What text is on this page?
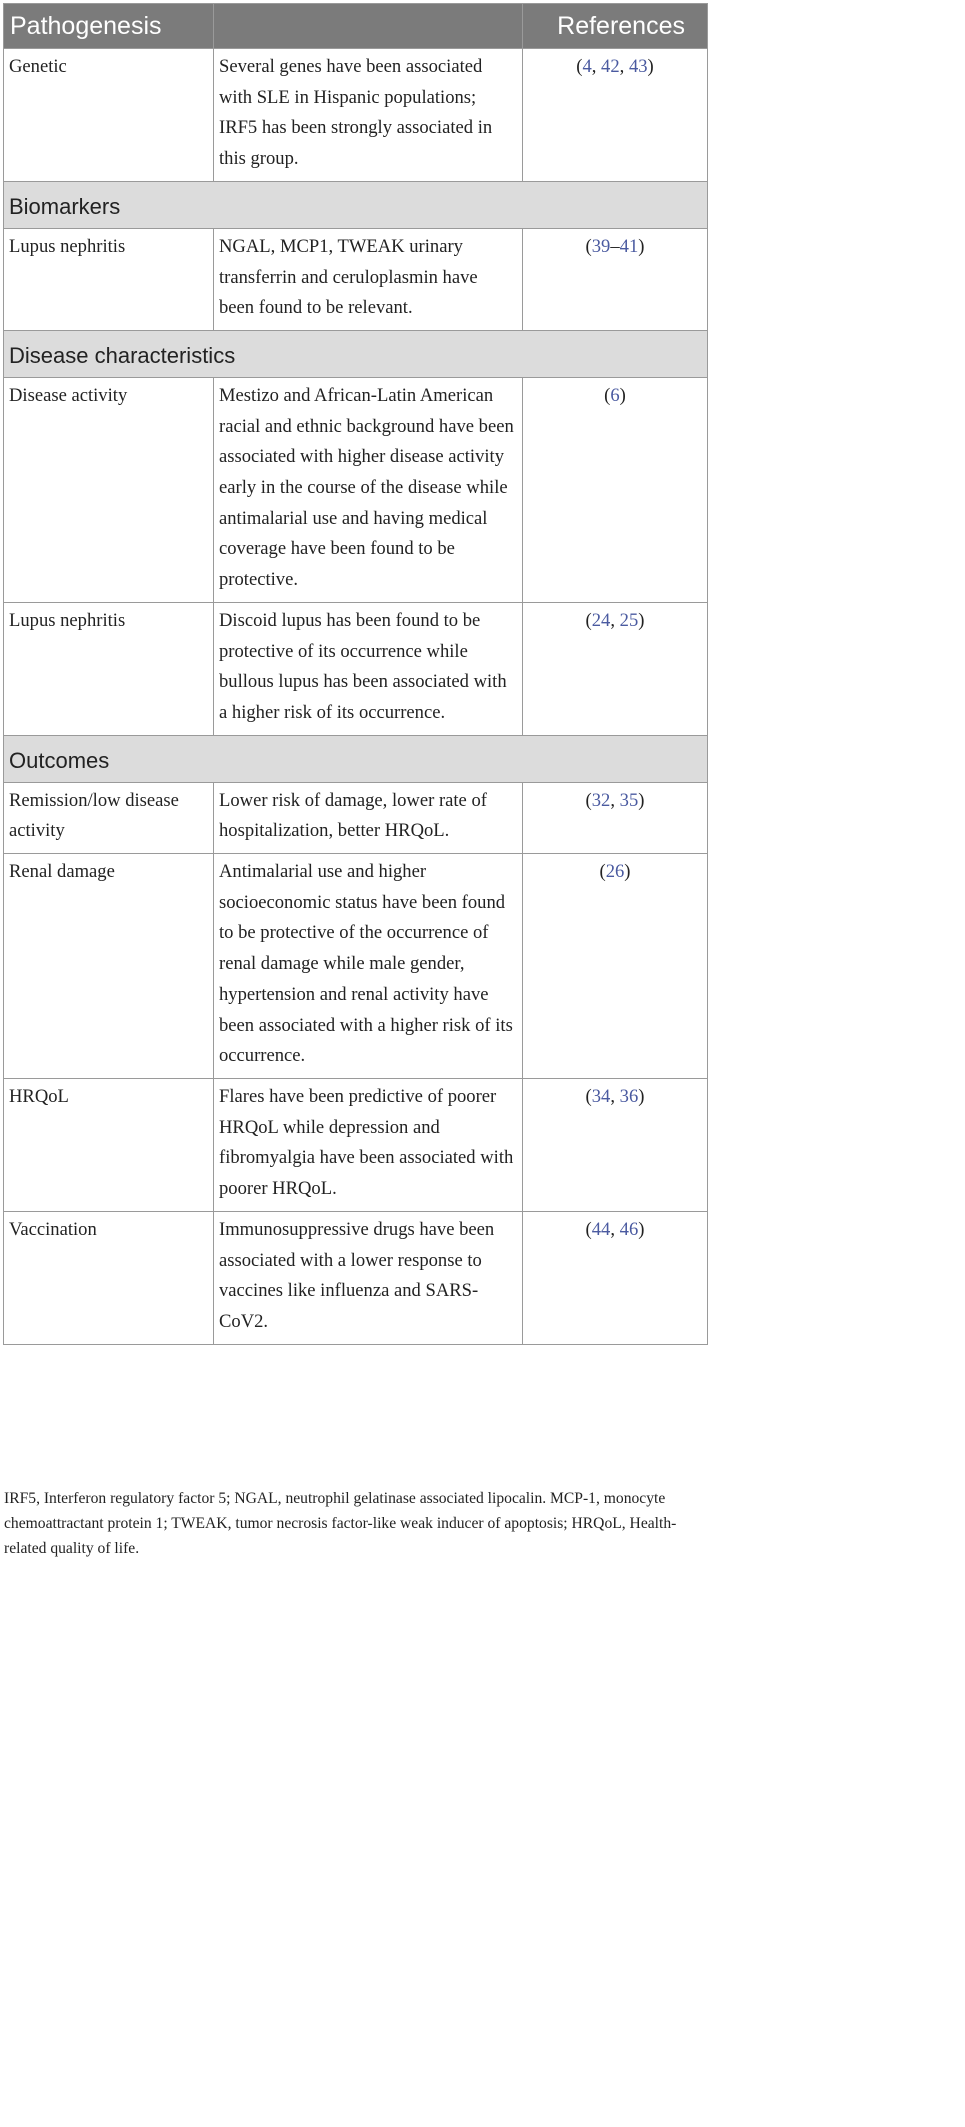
Pathogenesis		References
Genetic	Several genes have been associated with SLE in Hispanic populations; IRF5 has been strongly associated in this group.	(4, 42, 43)
Biomarkers		
Lupus nephritis	NGAL, MCP1, TWEAK urinary transferrin and ceruloplasmin have been found to be relevant.	(39–41)
Disease characteristics		
Disease activity	Mestizo and African-Latin American racial and ethnic background have been associated with higher disease activity early in the course of the disease while antimalarial use and having medical coverage have been found to be protective.	(6)
Lupus nephritis	Discoid lupus has been found to be protective of its occurrence while bullous lupus has been associated with a higher risk of its occurrence.	(24, 25)
Outcomes		
Remission/low disease activity	Lower risk of damage, lower rate of hospitalization, better HRQoL.	(32, 35)
Renal damage	Antimalarial use and higher socioeconomic status have been found to be protective of the occurrence of renal damage while male gender, hypertension and renal activity have been associated with a higher risk of its occurrence.	(26)
HRQoL	Flares have been predictive of poorer HRQoL while depression and fibromyalgia have been associated with poorer HRQoL.	(34, 36)
Vaccination	Immunosuppressive drugs have been associated with a lower response to vaccines like influenza and SARS-CoV2.	(44, 46)
IRF5, Interferon regulatory factor 5; NGAL, neutrophil gelatinase associated lipocalin. MCP-1, monocyte chemoattractant protein 1; TWEAK, tumor necrosis factor-like weak inducer of apoptosis; HRQoL, Health-related quality of life.
